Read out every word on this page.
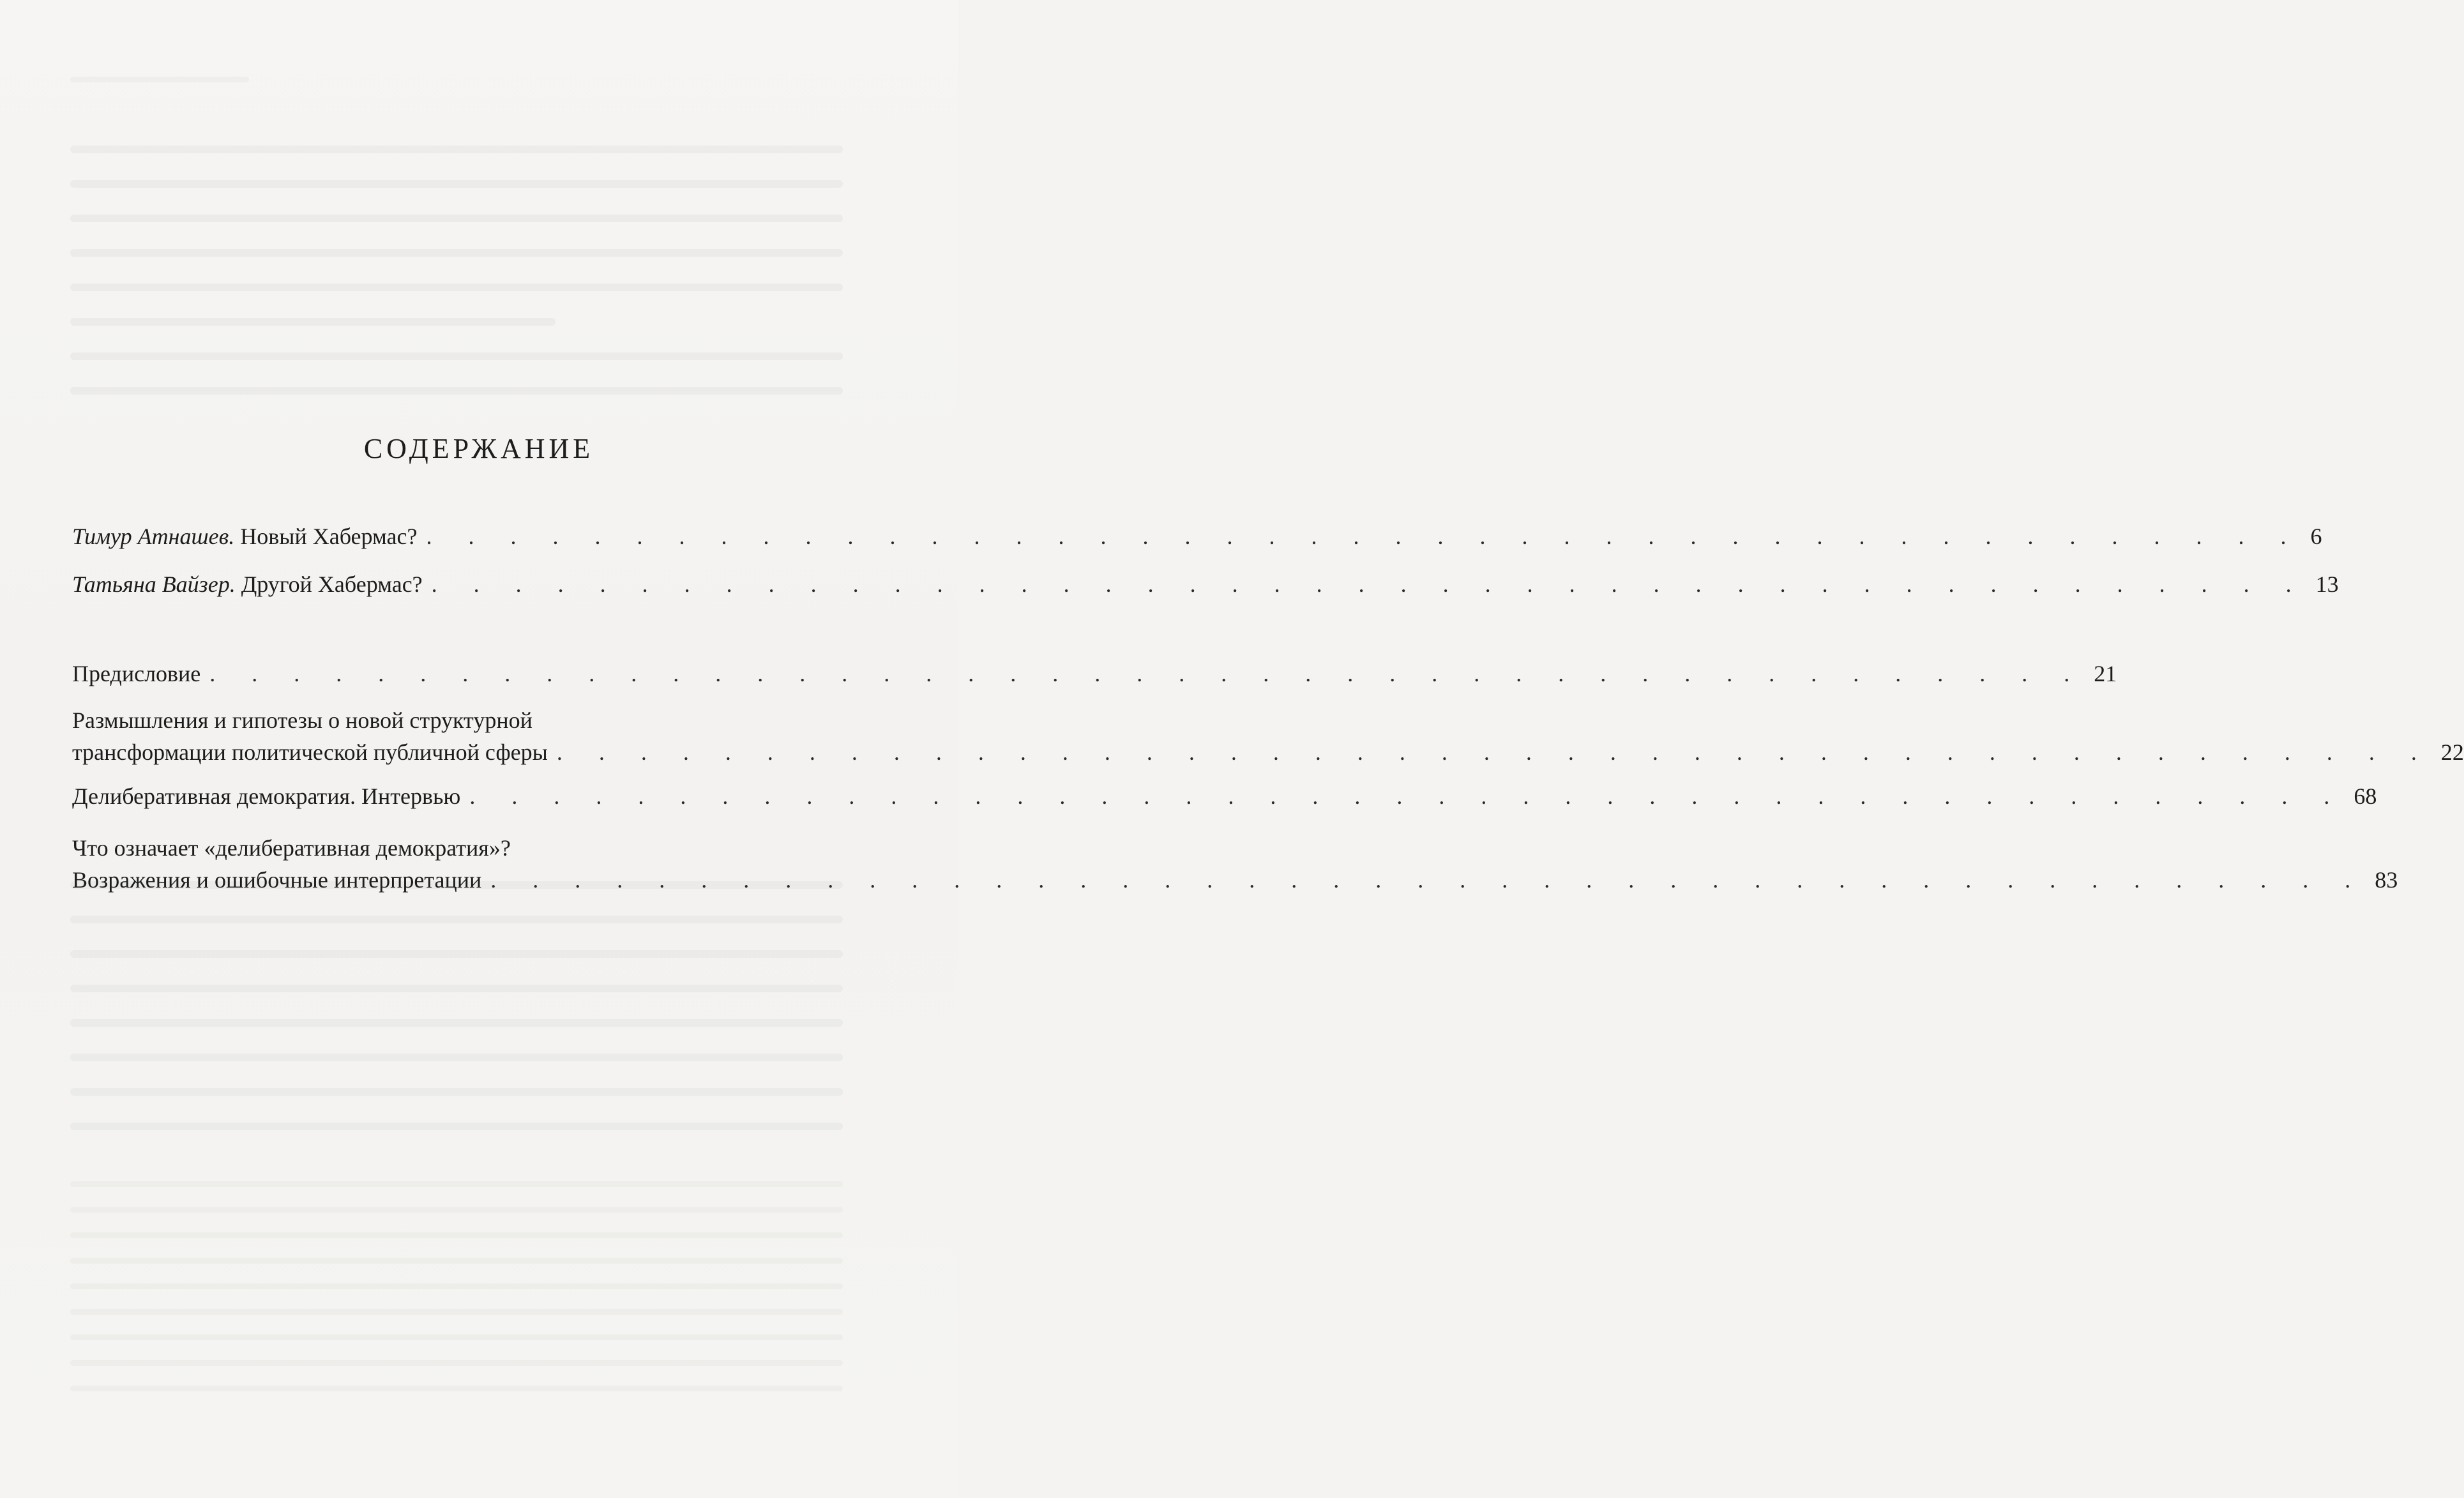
СОДЕРЖАНИЕ
Тимур Атнашев.
Новый Хабермас? . . . . . . . . . . . . . . . . . . . . . . . . . . . . . . . . . . . . . . . . . . . . . 6
Татьяна Вайзер.
Другой Хабермас? . . . . . . . . . . . . . . . . . . . . . . . . . . . . . . . . . . . . . . . . . . . . . 13
Предисловие . . . . . . . . . . . . . . . . . . . . . . . . . . . . . . . . . . . . . . . . . . . . . 21
Размышления и гипотезы о новой структурной
трансформации политической публичной сферы . . . . . . . . . . . . . . . . . . . . . . . . . . . . . . . . . . . . . . . . . . . . . 22
Делиберативная демократия. Интервью . . . . . . . . . . . . . . . . . . . . . . . . . . . . . . . . . . . . . . . . . . . . . 68
Что означает «делиберативная демократия»?
Возражения и ошибочные интерпретации . . . . . . . . . . . . . . . . . . . . . . . . . . . . . . . . . . . . . . . . . . . . . 83
